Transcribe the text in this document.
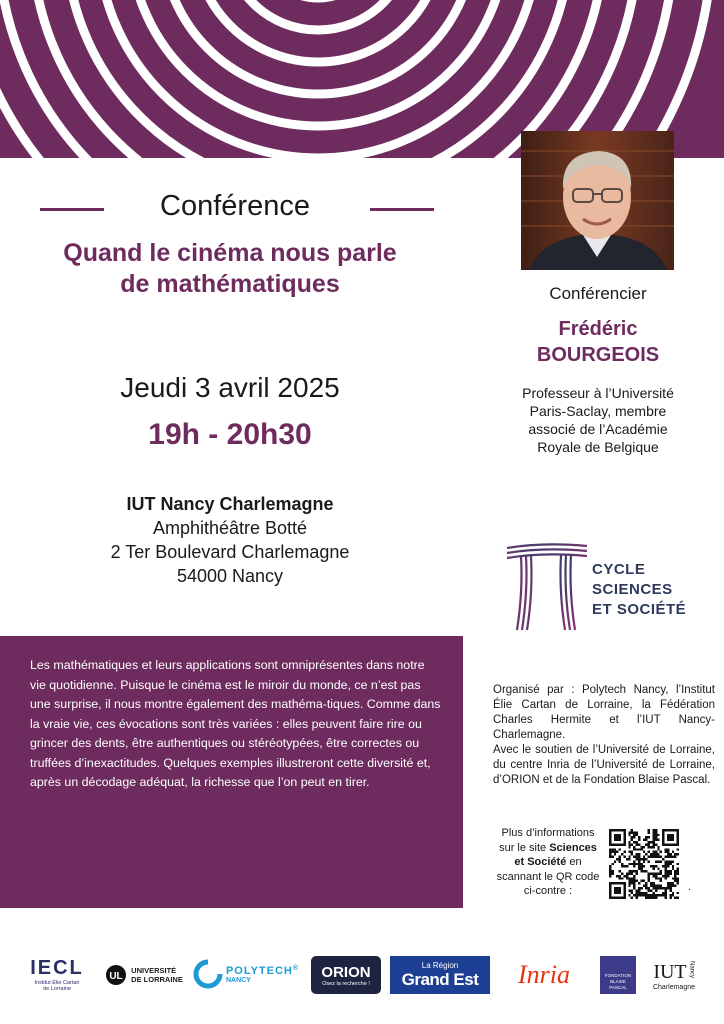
Conférence
Quand le cinéma nous parle
de mathématiques
Jeudi 3 avril 2025
19h - 20h30
IUT Nancy Charlemagne
Amphithéâtre Botté
2 Ter Boulevard Charlemagne
54000 Nancy
Conférencier
Frédéric
BOURGEOIS
Professeur à l’Université
Paris-Saclay, membre
associé de l’Académie
Royale de Belgique
CYCLE
SCIENCES
ET SOCIÉTÉ
Les mathématiques et leurs applications sont omniprésentes dans notre vie quotidienne. Puisque le cinéma est le miroir du monde, ce n’est pas une surprise, il nous montre également des mathéma-tiques. Comme dans la vraie vie, ces évocations sont très variées : elles peuvent faire rire ou grincer des dents, être authentiques ou stéréotypées, être correctes ou truffées d’inexactitudes. Quelques exemples illustreront cette diversité et, après un décodage adéquat, la richesse que l’on peut en tirer.
Organisé par : Polytech Nancy, l’Institut Élie Cartan de Lorraine, la Fédération Charles Hermite et l’IUT Nancy-Charlemagne.
Avec le soutien de l’Université de Lorraine, du centre Inria de l’Université de Lorraine, d’ORION et de la Fondation Blaise Pascal.
Plus d’informations sur le site Sciences et Société en scannant le QR code ci-contre :	.
IECL
Institut Élie Cartan
de Lorraine
UL
UNIVERSITÉ
DE LORRAINE
POLYTECH®
NANCY	ORION
Osez la recherche !
La Région
Grand Est Inria	FONDATION
BLAISE
PASCAL
IUT Nancy
Charlemagne
